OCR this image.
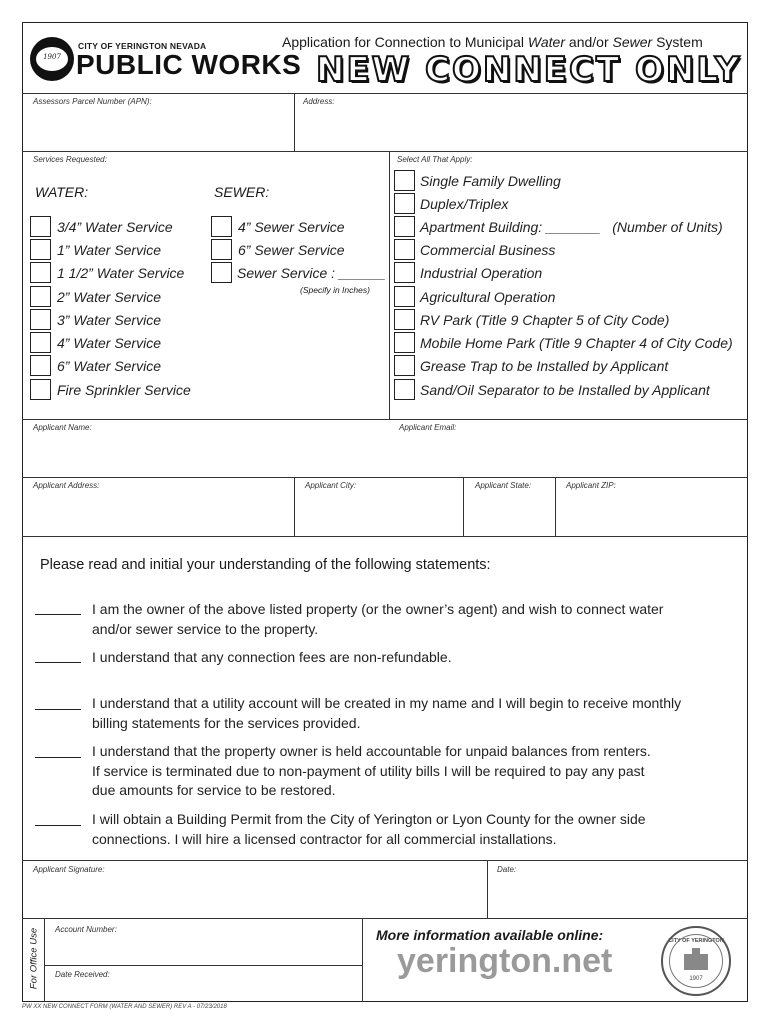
1907
CITY OF YERINGTON NEVADA
PUBLIC WORKS
Application for Connection to Municipal Water and/or Sewer System
NEW CONNECT ONLY
Assessors Parcel Number (APN):	Address:
Services Requested:	Select All That Apply:
WATER:	SEWER:
3/4” Water Service
1” Water Service
1 1/2” Water Service
2” Water Service
3” Water Service
4” Water Service
6” Water Service
Fire Sprinkler Service
4” Sewer Service
6” Sewer Service
Sewer Service : ______
(Specify in Inches)
Single Family Dwelling
Duplex/Triplex
Apartment Building: _______   (Number of Units)
Commercial Business
Industrial Operation
Agricultural Operation
RV Park (Title 9 Chapter 5 of City Code)
Mobile Home Park (Title 9 Chapter 4 of City Code)
Grease Trap to be Installed by Applicant
Sand/Oil Separator to be Installed by Applicant
Applicant Name:	Applicant Email:
Applicant Address:	Applicant City:	Applicant State:	Applicant ZIP:
Please read and initial your understanding of the following statements:
I am the owner of the above listed property (or the owner’s agent) and wish to connect water
and/or sewer service to the property.
I understand that any connection fees are non-refundable.
I understand that a utility account will be created in my name and I will begin to receive monthly
billing statements for the services provided.
I understand that the property owner is held accountable for unpaid balances from renters.
If service is terminated due to non-payment of utility bills I will be required to pay any past
due amounts for service to be restored.
I will obtain a Building Permit from the City of Yerington or Lyon County for the owner side
connections. I will hire a licensed contractor for all commercial installations.
Applicant Signature:	Date:
For Office Use Account Number:
Date Received:
More information available online:
yerington.net
CITY OF YERINGTON
1907
PW XX NEW CONNECT FORM (WATER AND SEWER) REV A - 07/23/2018
